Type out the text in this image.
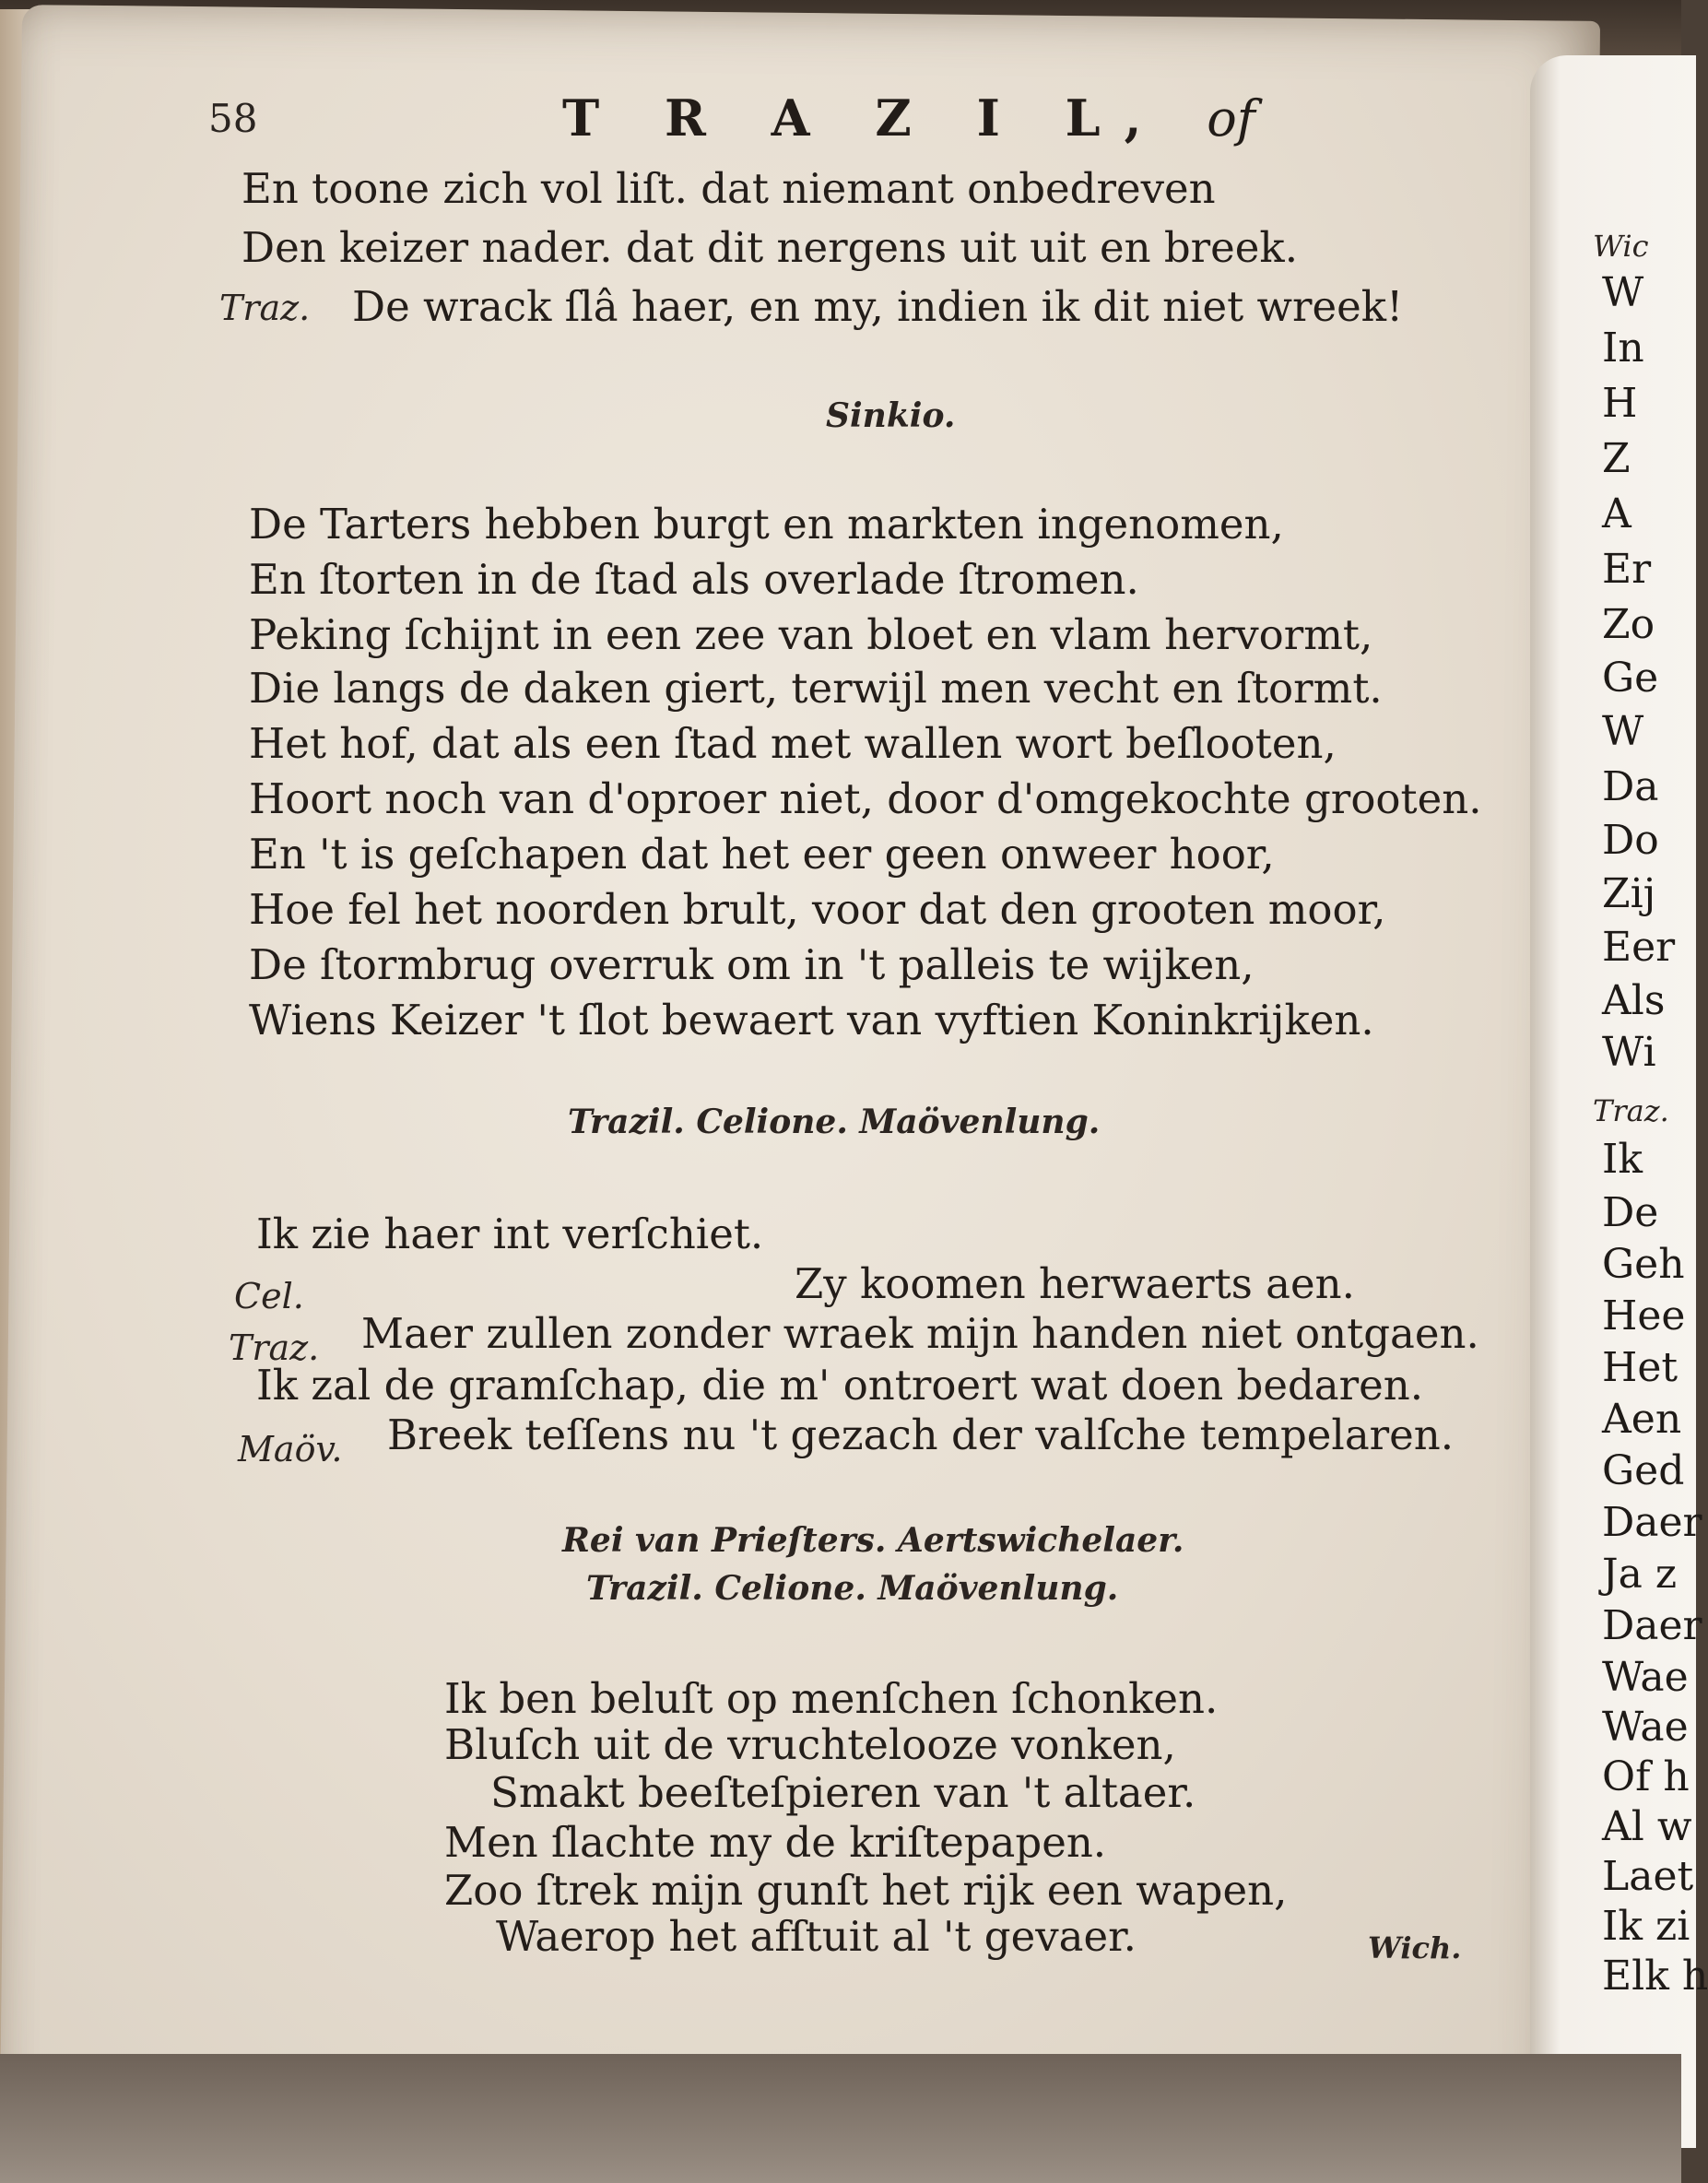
58	T R A Z I L, of
En toone zich vol liſt. dat niemant onbedreven
Den keizer nader. dat dit nergens uit uit en breek.
Traz. De wrack ſlâ haer, en my, indien ik dit niet wreek!
Sinkio.
De Tarters hebben burgt en markten ingenomen,
En ſtorten in de ſtad als overlade ſtromen.
Peking ſchijnt in een zee van bloet en vlam hervormt,
Die langs de daken giert, terwijl men vecht en ſtormt.
Het hof, dat als een ſtad met wallen wort beſlooten,
Hoort noch van d'oproer niet, door d'omgekochte grooten.
En 't is geſchapen dat het eer geen onweer hoor,
Hoe fel het noorden brult, voor dat den grooten moor,
De ſtormbrug overruk om in 't palleis te wijken,
Wiens Keizer 't ſlot bewaert van vyftien Koninkrijken.
Trazil. Celione. Maövenlung.
Ik zie haer int verſchiet.
Cel.	Zy koomen herwaerts aen.
Traz. Maer zullen zonder wraek mijn handen niet ontgaen.
Ik zal de gramſchap, die m' ontroert wat doen bedaren.
Maöv. Breek teſſens nu 't gezach der valſche tempelaren.
Rei van Prieſters. Aertswichelaer.
Trazil. Celione. Maövenlung.
Ik ben beluſt op menſchen ſchonken.
Bluſch uit de vruchtelooze vonken,
Smakt beeſteſpieren van 't altaer.
Men ſlachte my de kriſtepapen.
Zoo ſtrek mijn gunſt het rijk een wapen,
Waerop het afſtuit al 't gevaer.	Wich.
Wic
W
In
H
Z
A
Er
Zo
Ge
W
Da
Do
Zij
Eer
Als
Wi
Traz.
Ik
De
Geh
Hee
Het
Aen
Ged
Daer
Ja z
Daer
Wae
Wae
Of h
Al w
Laet
Ik zi
Elk h
